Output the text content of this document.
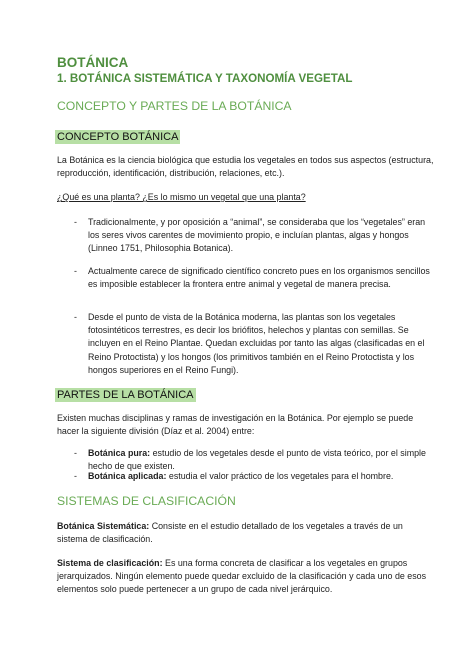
BOTÁNICA
1. BOTÁNICA SISTEMÁTICA Y TAXONOMÍA VEGETAL
CONCEPTO Y PARTES DE LA BOTÁNICA
CONCEPTO BOTÁNICA
La Botánica es la ciencia biológica que estudia los vegetales en todos sus aspectos (estructura, reproducción, identificación, distribución, relaciones, etc.).
¿Qué es una planta? ¿Es lo mismo un vegetal que una planta?
-	Tradicionalmente, y por oposición a “animal”, se consideraba que los “vegetales” eran los seres vivos carentes de movimiento propio, e incluían plantas, algas y hongos (Linneo 1751, Philosophia Botanica).
-	Actualmente carece de significado científico concreto pues en los organismos sencillos es imposible establecer la frontera entre animal y vegetal de manera precisa.
-	Desde el punto de vista de la Botánica moderna, las plantas son los vegetales fotosintéticos terrestres, es decir los briófitos, helechos y plantas con semillas. Se incluyen en el Reino Plantae. Quedan excluidas por tanto las algas (clasificadas en el Reino Protoctista) y los hongos (los primitivos también en el Reino Protoctista y los hongos superiores en el Reino Fungi).
PARTES DE LA BOTÁNICA
Existen muchas disciplinas y ramas de investigación en la Botánica. Por ejemplo se puede hacer la siguiente división (Díaz et al. 2004) entre:
-	Botánica pura: estudio de los vegetales desde el punto de vista teórico, por el simple hecho de que existen.
-	Botánica aplicada: estudia el valor práctico de los vegetales para el hombre.
SISTEMAS DE CLASIFICACIÓN
Botánica Sistemática: Consiste en el estudio detallado de los vegetales a través de un sistema de clasificación.
Sistema de clasificación: Es una forma concreta de clasificar a los vegetales en grupos jerarquizados. Ningún elemento puede quedar excluido de la clasificación y cada uno de esos elementos solo puede pertenecer a un grupo de cada nivel jerárquico.
